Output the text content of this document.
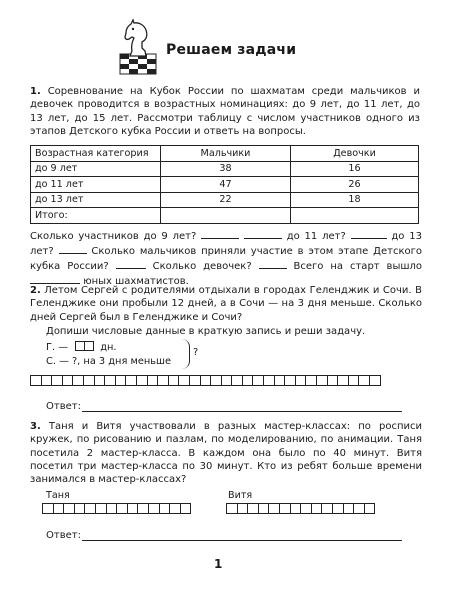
Решаем задачи
1. Соревнование на Кубок России по шахматам среди мальчиков и девочек проводится в возрастных номинациях: до 9 лет, до 11 лет, до 13 лет, до 15 лет. Рассмотри таблицу с числом участников одного из этапов Детского кубка России и ответь на вопросы.
Возрастная категория	Мальчики	Девочки
до 9 лет	38	16
до 11 лет	47	26
до 13 лет	22	18
Итого:		
Сколько участников до 9 лет?	до 11 лет?	до 13 лет?	Сколько мальчиков приняли участие в этом этапе Детского кубка России?	Сколько девочек?	Всего на старт вышло  юных шахматистов.
2. Летом Сергей с родителями отдыхали в городах Геленджик и Сочи. В Геленджике они пробыли 12 дней, а в Сочи — на 3 дня меньше. Сколько дней Сергей был в Геленджике и Сочи?
Допиши числовые данные в краткую запись и реши задачу.
Г. —	дн.
С. — ?, на 3 дня меньше
?
Ответ:
3. Таня и Витя участвовали в разных мастер-классах: по росписи кружек, по рисованию и пазлам, по моделированию, по анимации. Таня посетила 2 мастер-класса. В каждом она было по 40 минут. Витя посетил три мастер-класса по 30 минут. Кто из ребят больше времени занимался в мастер-классах?
Таня	Витя
Ответ:
1
